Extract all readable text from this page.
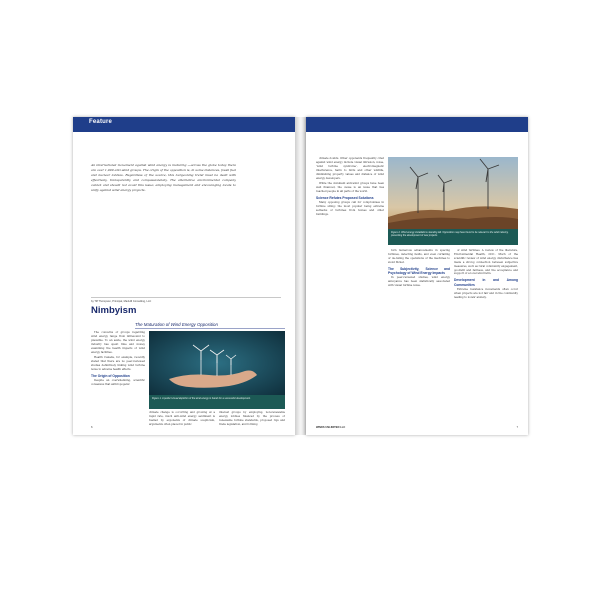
Feature
An international movement against wind energy is maturing —across the globe today there are over 1,000 anti-wind groups. The origin of the opposition is, in some instances, fossil fuel and nuclear lobbies. Regardless of the source, this burgeoning trend must be dealt with effectively, transparently and compassionately. The alternative environmental company cannot and should not avoid this issue; employing management and encouraging locals to unify against wind energy projects.
by Tiff Thompson, Principal, MaxHill Consulting, LLC
Nimbyism
The Maturation of Wind Energy Opposition

The concerns of groups regarding wind energy range from infrasound to plausible. To an aside, the wind energy industry has spent time and money examining the health impacts of wind energy facilities.

Health Canada, for example, recently stated that there are no peer-reviewed studies definitively linking wind turbine noise to adverse health effects.

The Origin of Opposition

Despite an overwhelming, scientific consensus that anthropogenic

Figure 1. A perfect visual depiction of the wind energy in hands for a successful development.
climate change is occurring and growing at a rapid rate, much anti-wind energy sentiment is fuelled by exponents of climate scepticism, arguments often placed in public
interest groups by employing, non-renewable energy lobbies financed by the process of renewable turbine standards, proposed rigs and trade legislation, and forming
6

climate doubts. Other opponents frequently cited against wind energy include visual intrusion, noise, 'wind turbine syndrome', electromagnetic interference, harm to birds and other wildlife, diminishing property values and distance of wind energy developers.

While the dominant anti-wind groups have been well financed, the cause is an issue that has reached people in all parts of the world.

Science Refutes Proposed Solutions

Many opposing groups call for compromises in turbine siting; the most popular being extreme setbacks of turbines from homes and other buildings.

Figure 2. Wind energy installations standing tall. Opposition may have found to be relevant to the wind industry, preventing the development of new projects.

turn numerous advancements in spacing turbines, detecting faults, and even curtailing or de-rating the operations of the machines to avoid flicker.

The Subjectivity, Science and Psychology of Wind Energy Impacts

In peer-reviewed studies, wind energy annoyance has been statistically associated with visual turbine noise.

of wind turbines. A review of the literature, Environmental Health, 2011. Much of the scientific review of wind energy disturbance has made a strong connection between subjective measures, such as rural community engagement, goodwill and fairness, and the acceptance and support of a local wind farm.

Development in and Among Communities

Extreme resistance movements often occur when projects are not fair and in the community leading to locals' anxiety.

WINDS UNLIMITED LLC	7
